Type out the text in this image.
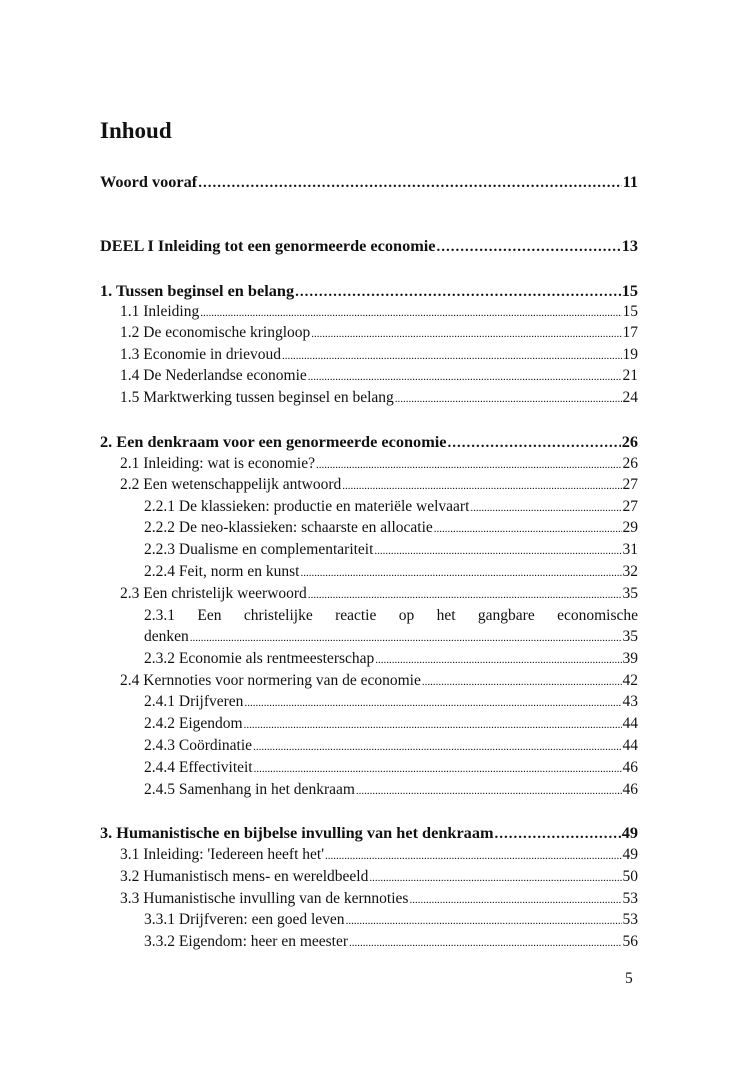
Inhoud
Woord vooraf .....	11
DEEL I Inleiding tot een genormeerde economie .....	13
1. Tussen beginsel en belang .....	15
1.1 Inleiding .....	15
1.2 De economische kringloop .....	17
1.3 Economie in drievoud .....	19
1.4 De Nederlandse economie .....	21
1.5 Marktwerking tussen beginsel en belang .....	24
2. Een denkraam voor een genormeerde economie .....	26
2.1 Inleiding: wat is economie? .....	26
2.2 Een wetenschappelijk antwoord .....	27
2.2.1 De klassieken: productie en materiële welvaart .....	27
2.2.2 De neo-klassieken: schaarste en allocatie .....	29
2.2.3 Dualisme en complementariteit .....	31
2.2.4 Feit, norm en kunst .....	32
2.3 Een christelijk weerwoord .....	35
2.3.1 Een christelijke reactie op het gangbare economische
denken .....	35
2.3.2 Economie als rentmeesterschap .....	39
2.4 Kernnoties voor normering van de economie .....	42
2.4.1 Drijfveren .....	43
2.4.2 Eigendom .....	44
2.4.3 Coördinatie .....	44
2.4.4 Effectiviteit .....	46
2.4.5 Samenhang in het denkraam .....	46
3. Humanistische en bijbelse invulling van het denkraam .....	49
3.1 Inleiding: 'Iedereen heeft het' .....	49
3.2 Humanistisch mens- en wereldbeeld .....	50
3.3 Humanistische invulling van de kernnoties .....	53
3.3.1 Drijfveren: een goed leven .....	53
3.3.2 Eigendom: heer en meester .....	56
5
